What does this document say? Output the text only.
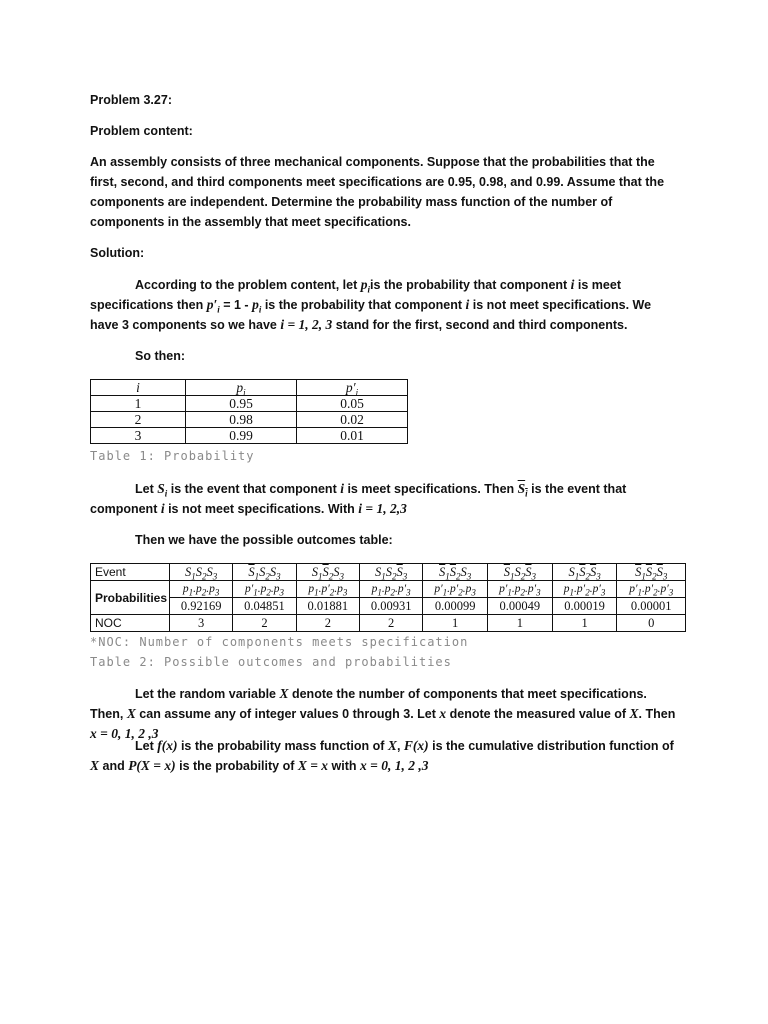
Problem 3.27:

Problem content:

An assembly consists of three mechanical components. Suppose that the probabilities that the first, second, and third components meet specifications are 0.95, 0.98, and 0.99. Assume that the components are independent. Determine the probability mass function of the number of components in the assembly that meet specifications.

Solution:

According to the problem content, let $p_iis$ the probability that component i is meet specifications then $p'_i = 1 - p_i$ is the probability that component i is not meet specifications. We have 3 components so we have i = 1, 2, 3 stand for the first, second and third components.

So then:

i	$p_i$	$p'_i$
1	0.95	0.05
2	0.98	0.02
3	0.99	0.01

Table 1: Probability

Let $S_i$ is the event that component i is meet specifications. Then $S_i$ is the event that component i is not meet specifications. With i = 1, 2,3

Then we have the possible outcomes table:

Event	$S_1S_2S_3$	$\overline{S}_1S_2S_3$	$S_1\overline{S}_2S_3$	$S_1S_2\overline{S}_3$	$\overline{S}_1\overline{S}_2S_3$	$\overline{S}_1S_2\overline{S}_3$	$S_1\overline{S}_2\overline{S}_3$	$\overline{S}_1\overline{S}_2\overline{S}_3$
Probabilities	$p_1.p_2.p_3$	$p'_1.p_2.p_3$	$p_1.p'_2.p_3$	$p_1.p_2.p'_3$	$p'_1.p'_2.p_3$	$p'_1.p_2.p'_3$	$p_1.p'_2.p'_3$	$p'_1.p'_2.p'_3$
	0.92169	0.04851	0.01881	0.00931	0.00099	0.00049	0.00019	0.00001
NOC	3	2	2	2	1	1	1	0

*NOC: Number of components meets specification

Table 2: Possible outcomes and probabilities

Let the random variable X denote the number of components that meet specifications. Then, X can assume any of integer values 0 through 3. Let x denote the measured value of X. Then x = 0, 1, 2 ,3

Let f(x) is the probability mass function of X, F(x) is the cumulative distribution function of X and P(X = x) is the probability of X = x with x = 0, 1, 2 ,3
